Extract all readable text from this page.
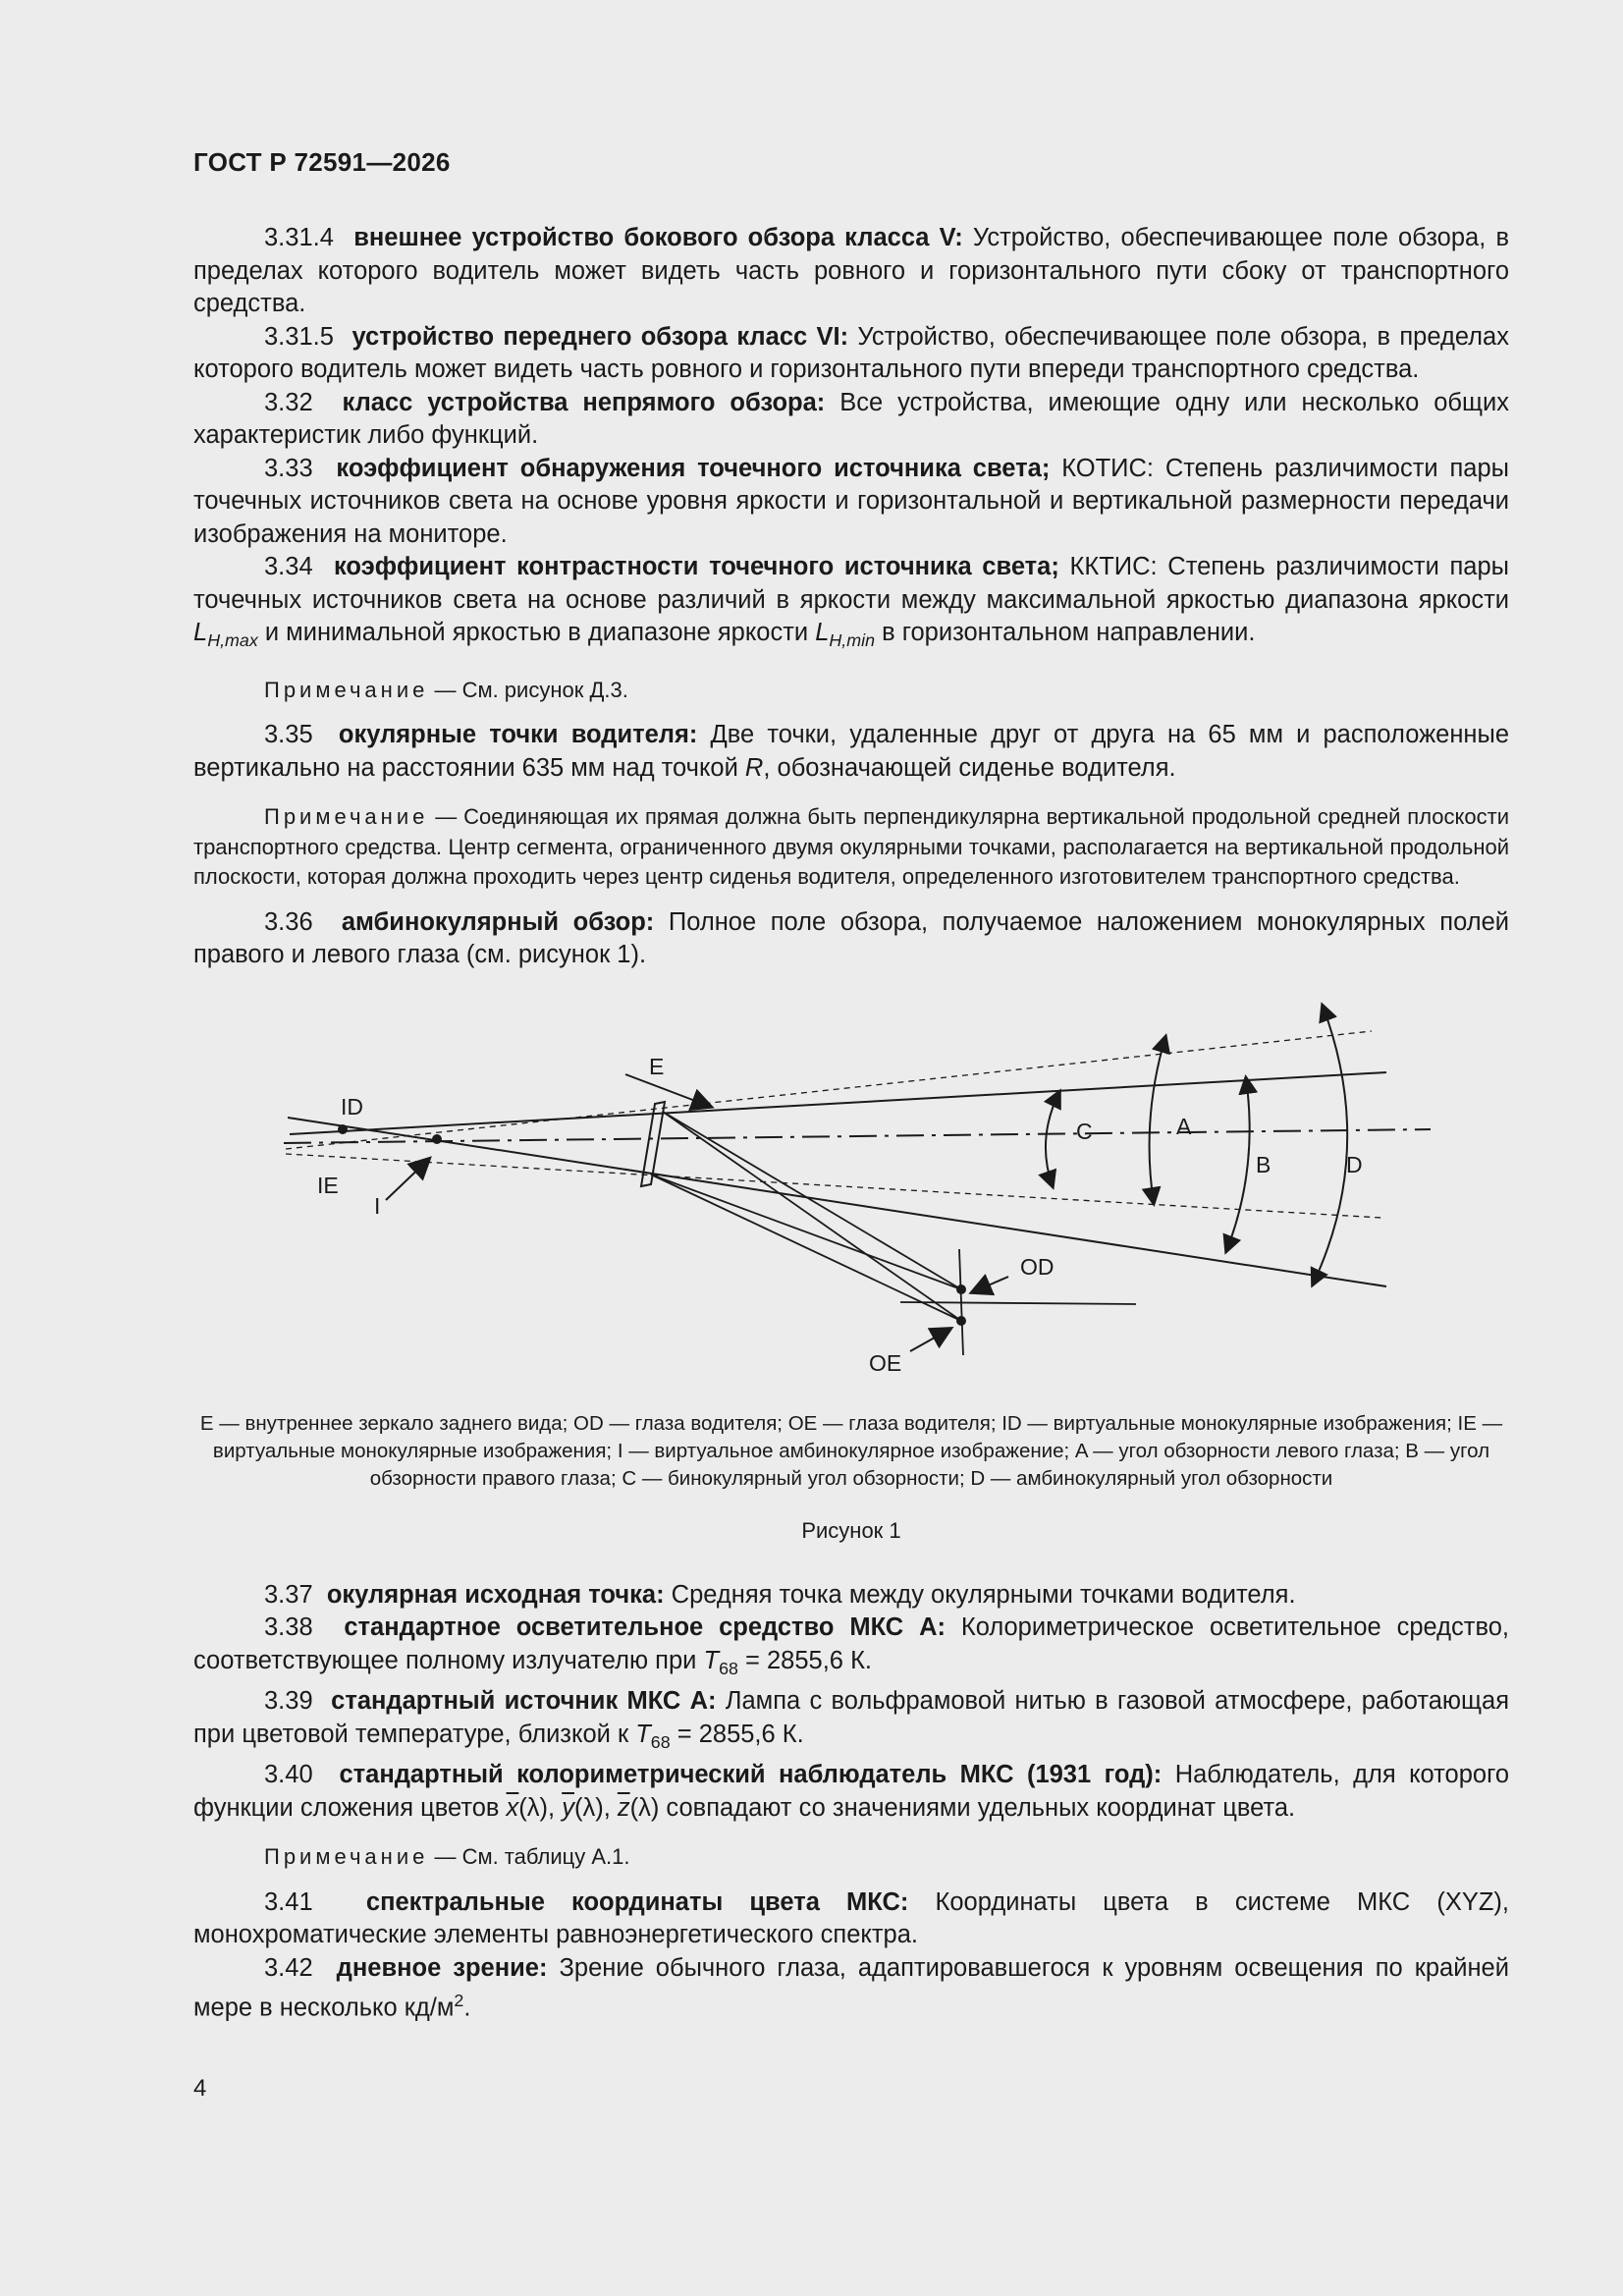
ГОСТ Р 72591—2026

3.31.4 внешнее устройство бокового обзора класса V: Устройство, обеспечивающее поле обзора, в пределах которого водитель может видеть часть ровного и горизонтального пути сбоку от транспортного средства.

3.31.5 устройство переднего обзора класс VI: Устройство, обеспечивающее поле обзора, в пределах которого водитель может видеть часть ровного и горизонтального пути впереди транспортного средства.

3.32 класс устройства непрямого обзора: Все устройства, имеющие одну или несколько общих характеристик либо функций.

3.33 коэффициент обнаружения точечного источника света; КОТИС: Степень различимости пары точечных источников света на основе уровня яркости и горизонтальной и вертикальной размерности передачи изображения на мониторе.

3.34 коэффициент контрастности точечного источника света; ККТИС: Степень различимости пары точечных источников света на основе различий в яркости между максимальной яркостью диапазона яркости $L_{H,max}$ и минимальной яркостью в диапазоне яркости $L_{H,min}$ в горизонтальном направлении.

Примечание — См. рисунок Д.3.

3.35 окулярные точки водителя: Две точки, удаленные друг от друга на 65 мм и расположенные вертикально на расстоянии 635 мм над точкой R, обозначающей сиденье водителя.

Примечание — Соединяющая их прямая должна быть перпендикулярна вертикальной продольной средней плоскости транспортного средства. Центр сегмента, ограниченного двумя окулярными точками, располагается на вертикальной продольной плоскости, которая должна проходить через центр сиденья водителя, определенного изготовителем транспортного средства.

3.36 амбинокулярный обзор: Полное поле обзора, получаемое наложением монокулярных полей правого и левого глаза (см. рисунок 1).

E
ID
IE
I
C	A
B	D
OD
OE

E — внутреннее зеркало заднего вида; OD — глаза водителя; OE — глаза водителя; ID — виртуальные монокулярные изображения; IE — виртуальные монокулярные изображения; I — виртуальное амбинокулярное изображение; A — угол обзорности левого глаза; B — угол обзорности правого глаза; C — бинокулярный угол обзорности; D — амбинокулярный угол обзорности

Рисунок 1

3.37 окулярная исходная точка: Средняя точка между окулярными точками водителя.

3.38 стандартное осветительное средство МКС А: Колориметрическое осветительное средство, соответствующее полному излучателю при $T_{68} = 2855,6$ К.

3.39 стандартный источник МКС А: Лампа с вольфрамовой нитью в газовой атмосфере, работающая при цветовой температуре, близкой к $T_{68} = 2855,6$ К.

3.40 стандартный колориметрический наблюдатель МКС (1931 год): Наблюдатель, для которого функции сложения цветов $\overline{x}(\lambda)$, $\overline{y}(\lambda)$, $\overline{z}(\lambda)$ совпадают со значениями удельных координат цвета.

Примечание — См. таблицу А.1.

3.41 спектральные координаты цвета МКС: Координаты цвета в системе МКС (XYZ), монохроматические элементы равноэнергетического спектра.

3.42 дневное зрение: Зрение обычного глаза, адаптировавшегося к уровням освещения по крайней мере в несколько $кд/м^2$.

4
